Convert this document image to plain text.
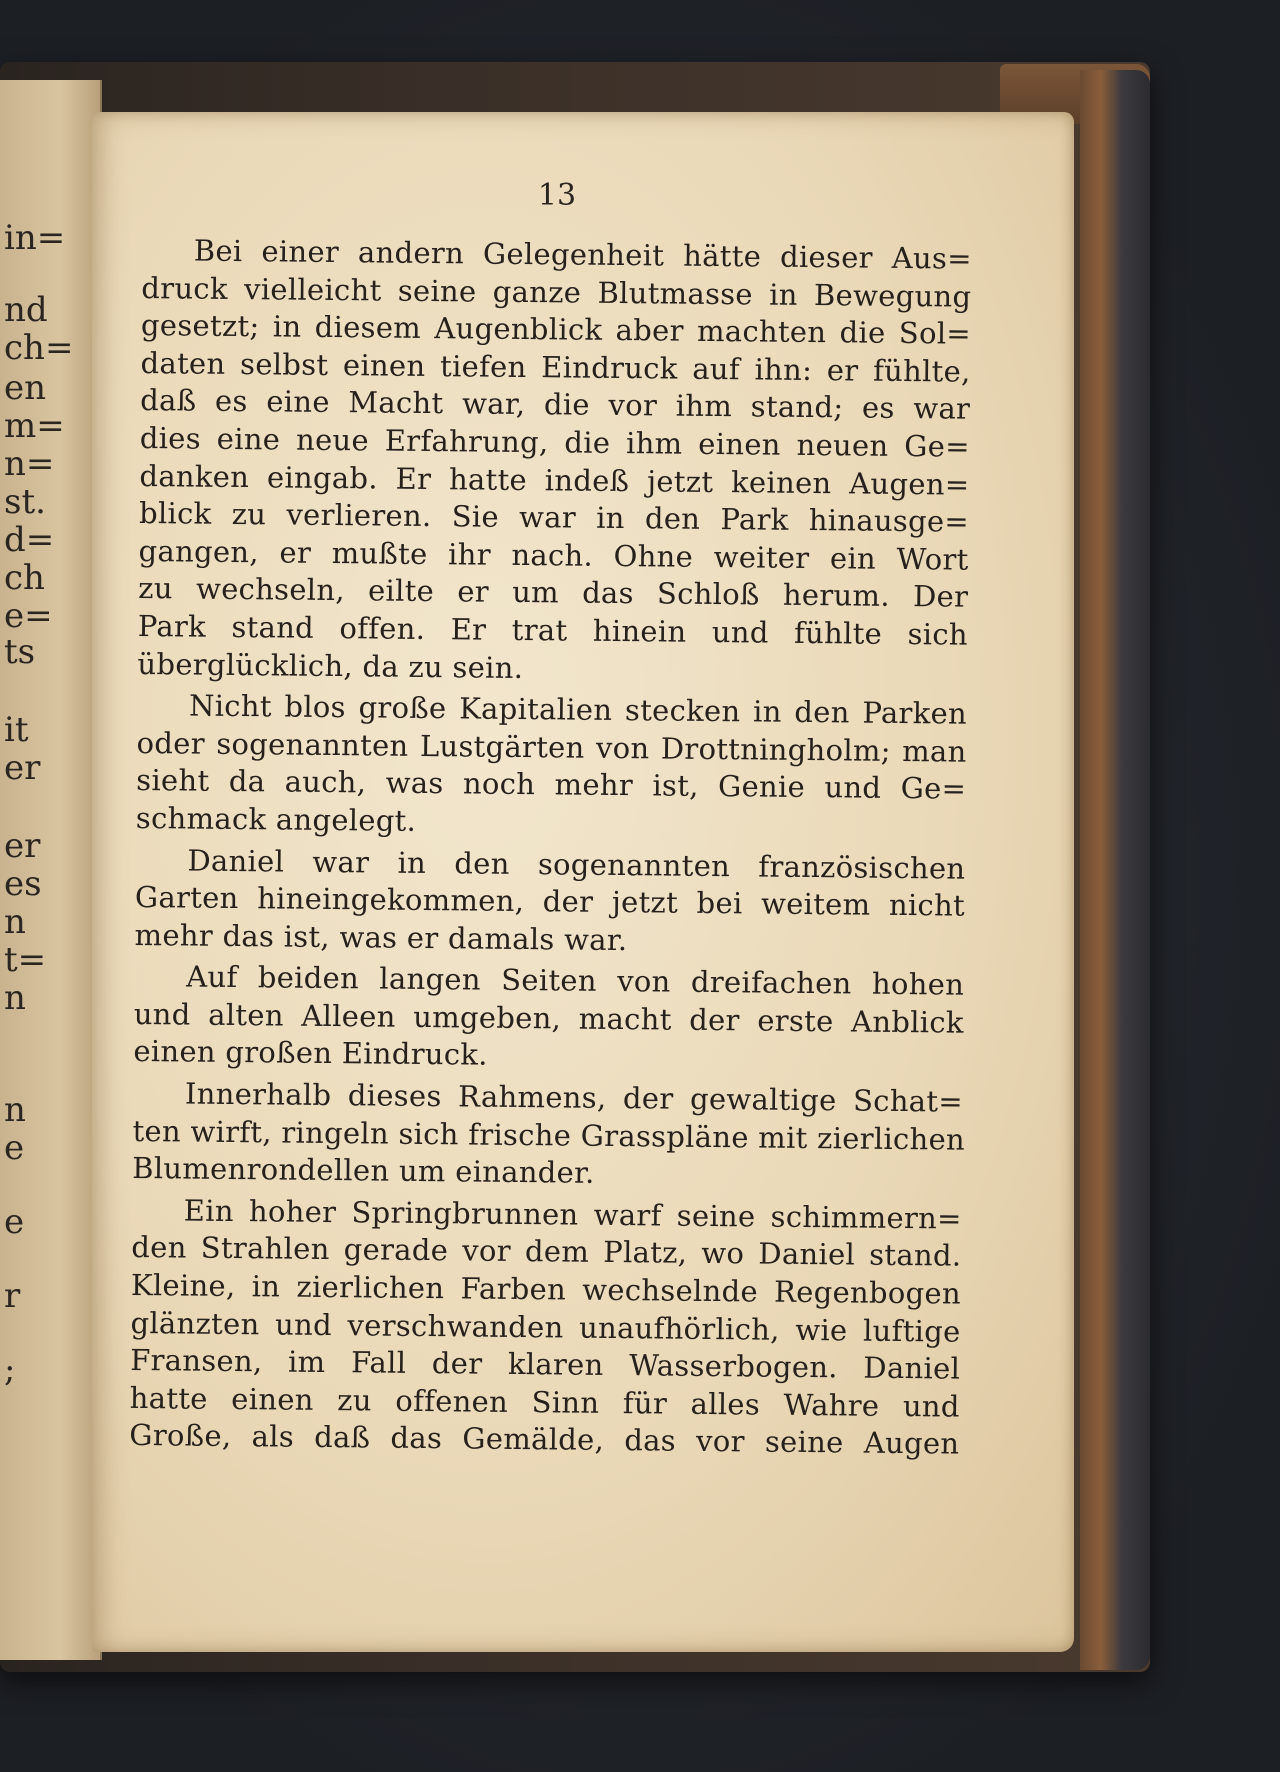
in=
nd
ch=
en
m=
n=
st.
d=
ch
e=
ts
it
er
er
es
n
t=
n
n
e
e
r
;
13
Bei einer andern Gelegenheit hätte dieser Aus=
druck vielleicht seine ganze Blutmasse in Bewegung
gesetzt; in diesem Augenblick aber machten die Sol=
daten selbst einen tiefen Eindruck auf ihn: er fühlte,
daß es eine Macht war, die vor ihm stand; es war
dies eine neue Erfahrung, die ihm einen neuen Ge=
danken eingab. Er hatte indeß jetzt keinen Augen=
blick zu verlieren. Sie war in den Park hinausge=
gangen, er mußte ihr nach. Ohne weiter ein Wort
zu wechseln, eilte er um das Schloß herum. Der
Park stand offen. Er trat hinein und fühlte sich
überglücklich, da zu sein.
Nicht blos große Kapitalien stecken in den Parken
oder sogenannten Lustgärten von Drottningholm; man
sieht da auch, was noch mehr ist, Genie und Ge=
schmack angelegt.
Daniel war in den sogenannten französischen
Garten hineingekommen, der jetzt bei weitem nicht
mehr das ist, was er damals war.
Auf beiden langen Seiten von dreifachen hohen
und alten Alleen umgeben, macht der erste Anblick
einen großen Eindruck.
Innerhalb dieses Rahmens, der gewaltige Schat=
ten wirft, ringeln sich frische Grasspläne mit zierlichen
Blumenrondellen um einander.
Ein hoher Springbrunnen warf seine schimmern=
den Strahlen gerade vor dem Platz, wo Daniel stand.
Kleine, in zierlichen Farben wechselnde Regenbogen
glänzten und verschwanden unaufhörlich, wie luftige
Fransen, im Fall der klaren Wasserbogen. Daniel
hatte einen zu offenen Sinn für alles Wahre und
Große, als daß das Gemälde, das vor seine Augen
